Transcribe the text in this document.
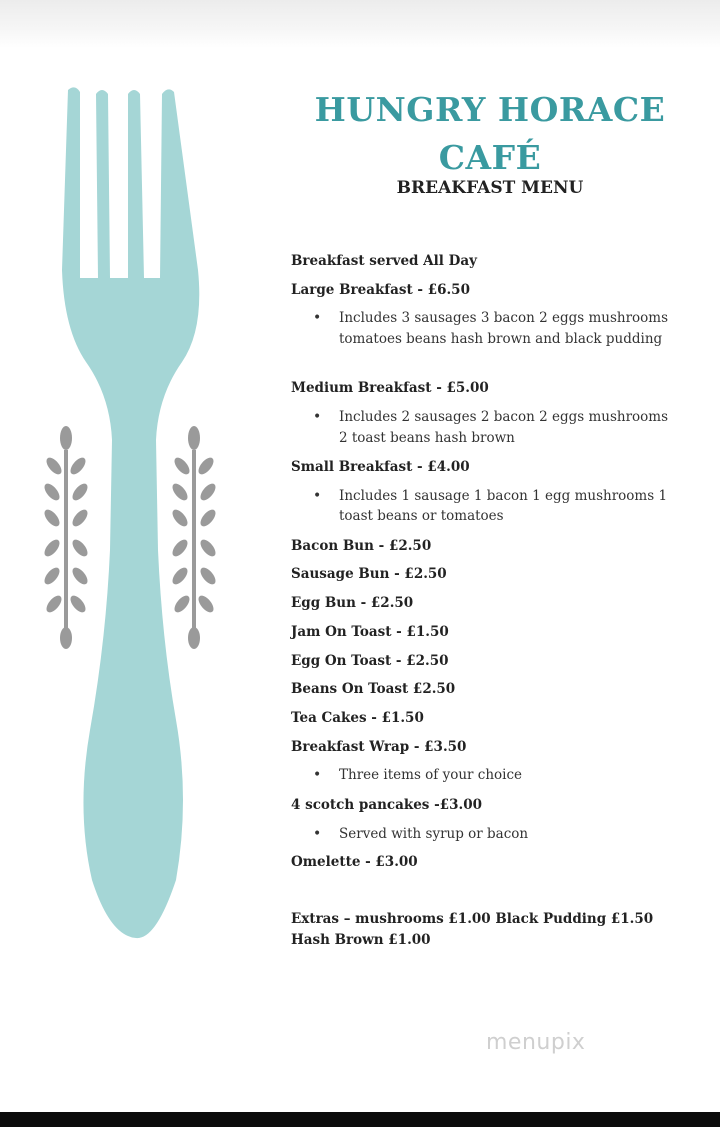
HUNGRY HORACE
CAFÉ
BREAKFAST MENU
Breakfast served All Day
Large Breakfast - £6.50
• Includes 3 sausages 3 bacon 2 eggs mushrooms tomatoes beans hash brown and black pudding
Medium Breakfast - £5.00
• Includes 2 sausages 2 bacon 2 eggs mushrooms 2 toast beans hash brown
Small Breakfast - £4.00
• Includes 1 sausage 1 bacon 1 egg mushrooms 1 toast beans or tomatoes
Bacon Bun - £2.50
Sausage Bun - £2.50
Egg Bun - £2.50
Jam On Toast - £1.50
Egg On Toast - £2.50
Beans On Toast £2.50
Tea Cakes - £1.50
Breakfast Wrap - £3.50
• Three items of your choice
4 scotch pancakes -£3.00
• Served with syrup or bacon
Omelette - £3.00
Extras – mushrooms £1.00 Black Pudding £1.50
Hash Brown £1.00
menupix
